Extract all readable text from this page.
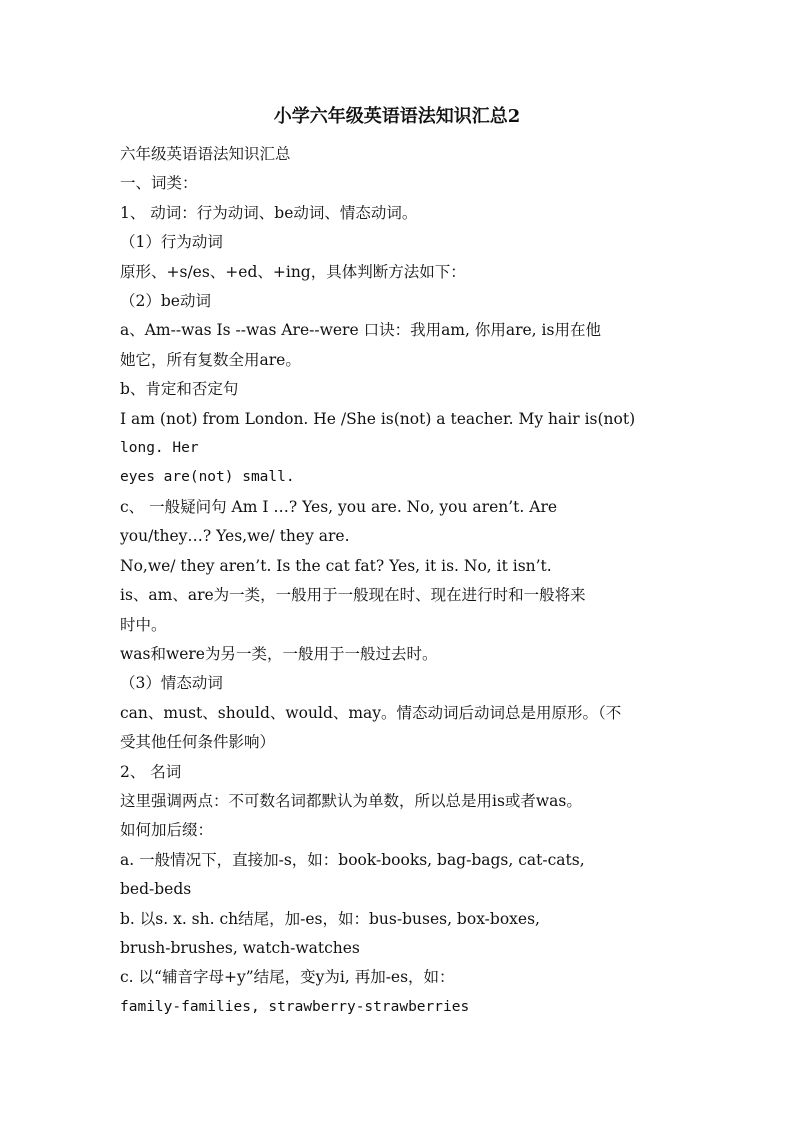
小学六年级英语语法知识汇总2
六年级英语语法知识汇总
一、词类：
1、 动词：行为动词、be动词、情态动词。
（1）行为动词
原形、+s/es、+ed、+ing，具体判断方法如下：
（2）be动词
a、Am--was Is --was Are--were 口诀：我用am, 你用are, is用在他
她它，所有复数全用are。
b、肯定和否定句
I am (not) from London. He /She is(not) a teacher. My hair is(not)
long. Her
eyes are(not) small.
c、 一般疑问句 Am I …? Yes, you are. No, you aren’t. Are
you/they…? Yes,we/ they are.
No,we/ they aren’t. Is the cat fat? Yes, it is. No, it isn’t.
is、am、are为一类，一般用于一般现在时、现在进行时和一般将来
时中。
was和were为另一类，一般用于一般过去时。
（3）情态动词
can、must、should、would、may。情态动词后动词总是用原形。（不
受其他任何条件影响）
2、 名词
这里强调两点：不可数名词都默认为单数，所以总是用is或者was。
如何加后缀：
a. 一般情况下，直接加-s，如：book-books, bag-bags, cat-cats,
bed-beds
b. 以s. x. sh. ch结尾，加-es，如：bus-buses, box-boxes,
brush-brushes, watch-watches
c. 以“辅音字母+y”结尾，变y为i, 再加-es，如：
family-families, strawberry-strawberries
